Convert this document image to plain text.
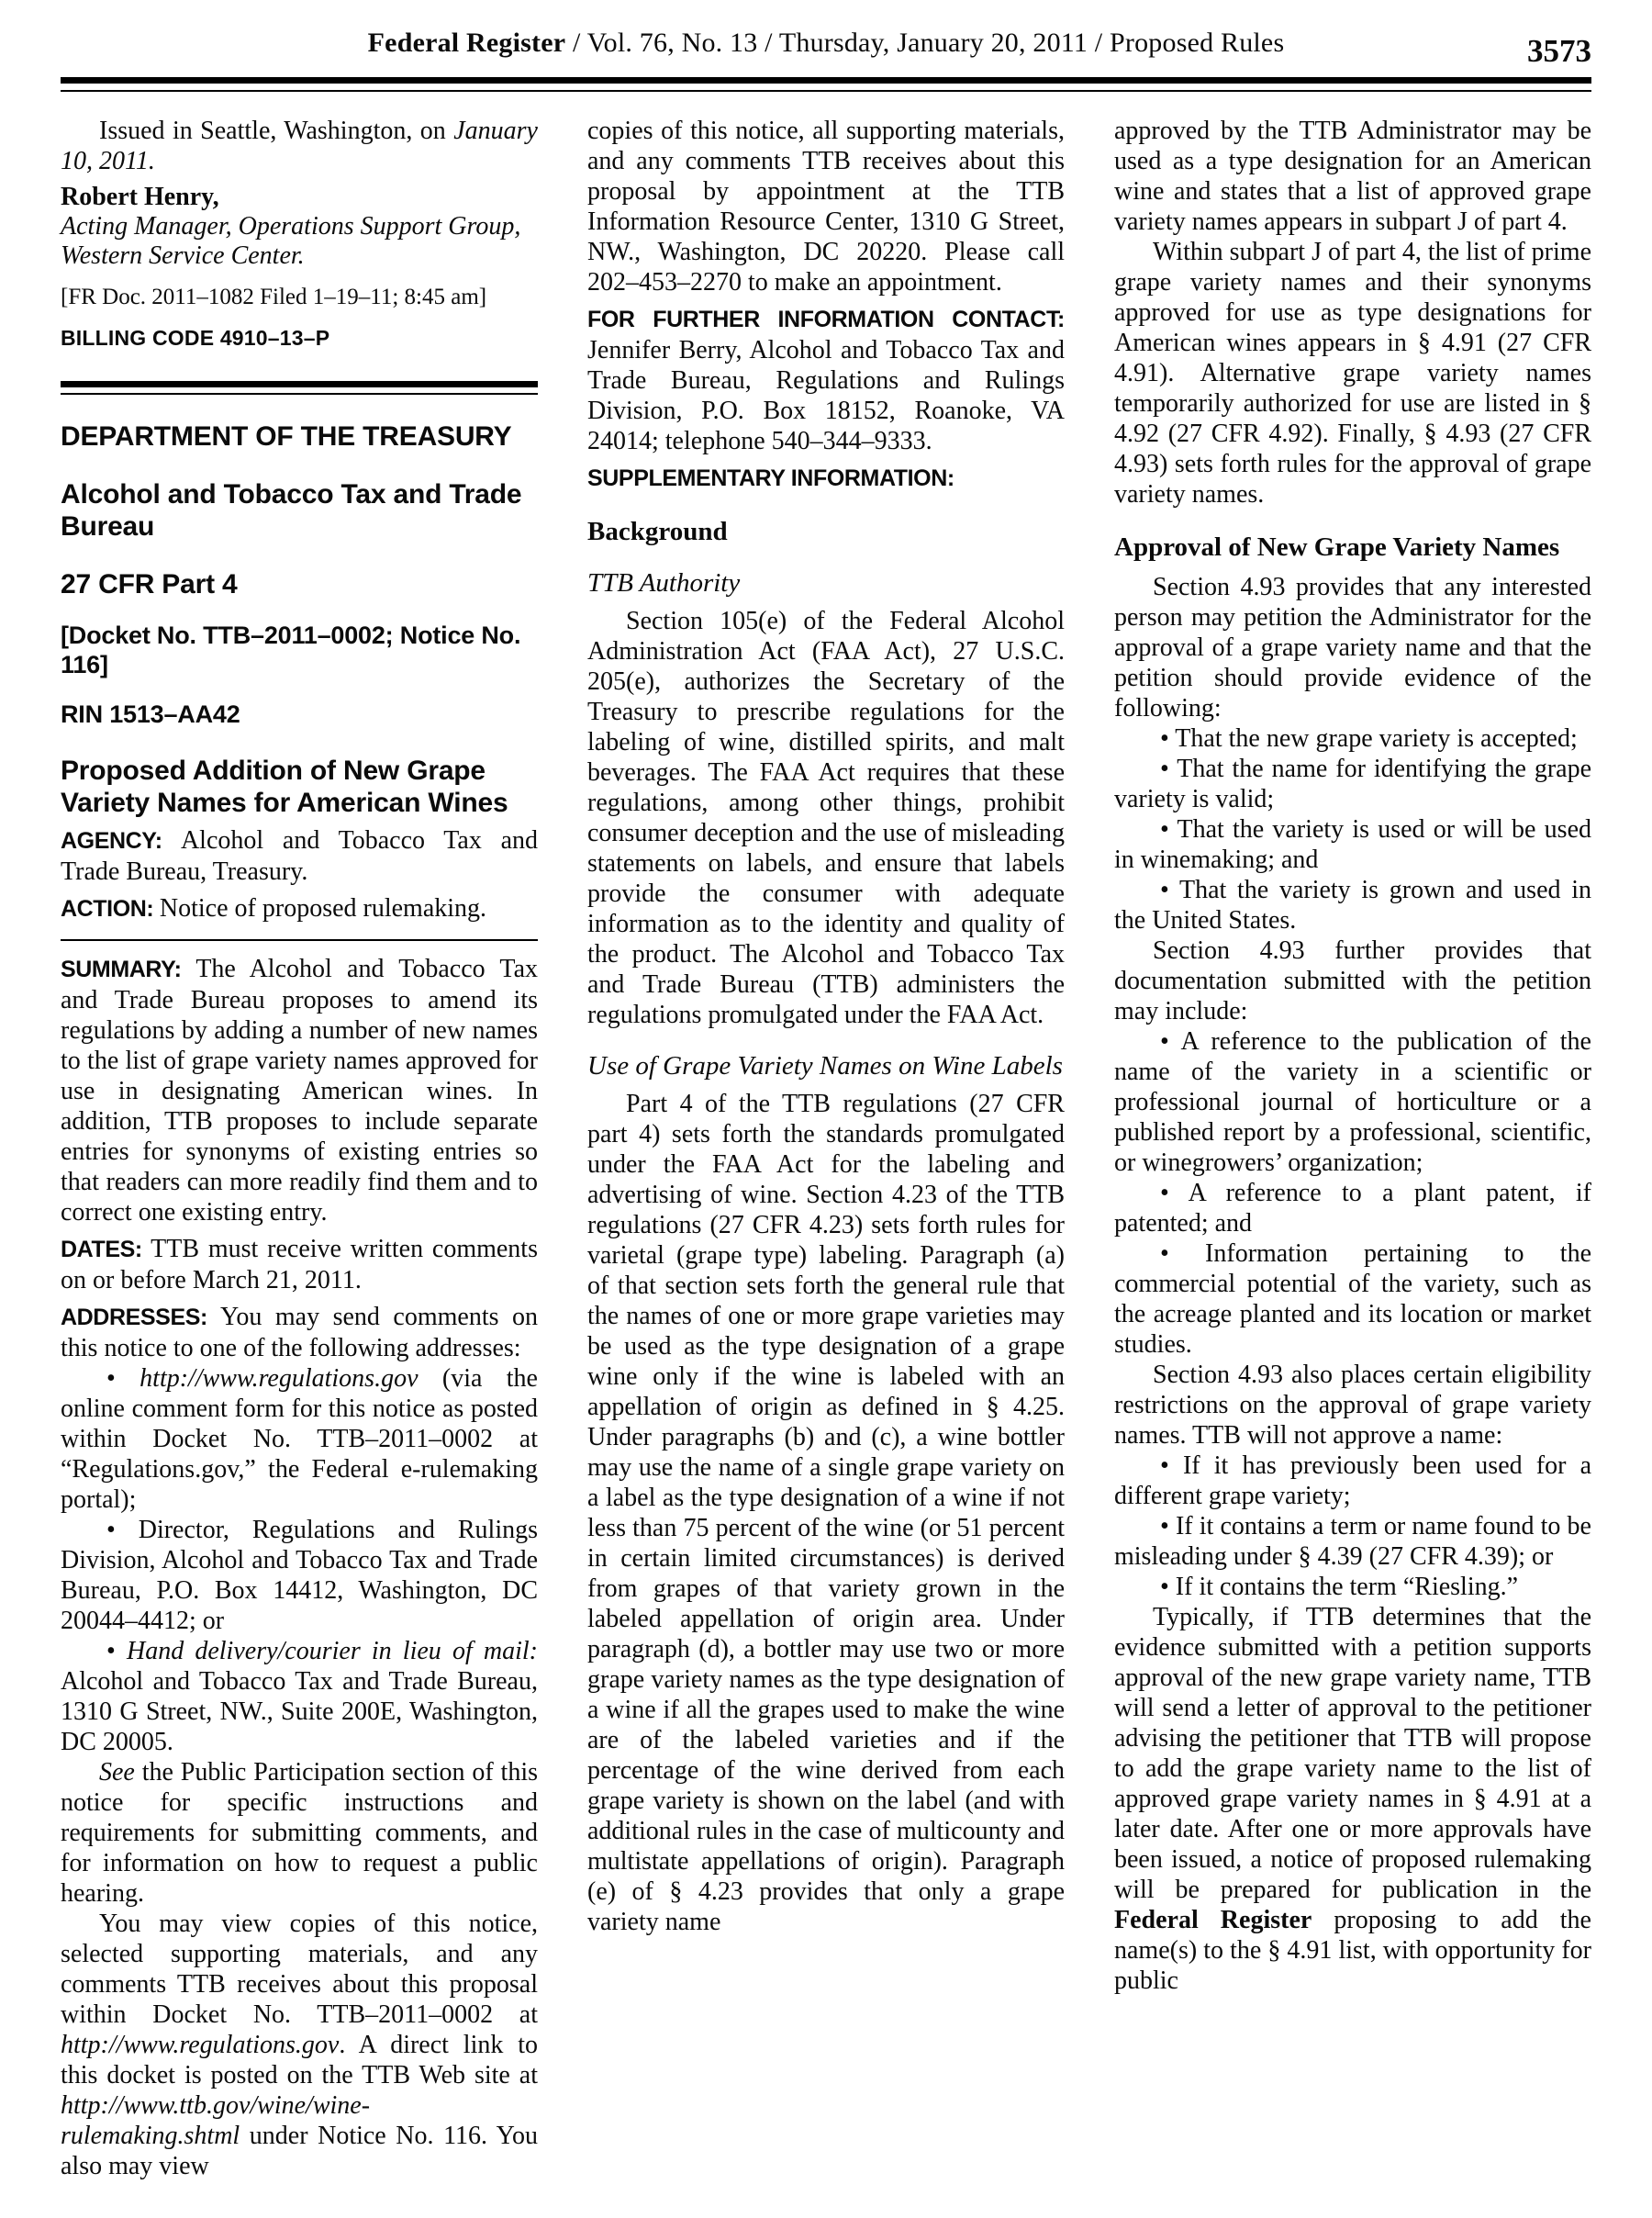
Federal Register / Vol. 76, No. 13 / Thursday, January 20, 2011 / Proposed Rules	3573

Issued in Seattle, Washington, on January 10, 2011.

Robert Henry,

Acting Manager, Operations Support Group, Western Service Center.

[FR Doc. 2011–1082 Filed 1–19–11; 8:45 am]

BILLING CODE 4910–13–P

DEPARTMENT OF THE TREASURY
Alcohol and Tobacco Tax and Trade Bureau
27 CFR Part 4
[Docket No. TTB–2011–0002; Notice No. 116]
RIN 1513–AA42
Proposed Addition of New Grape Variety Names for American Wines

AGENCY: Alcohol and Tobacco Tax and Trade Bureau, Treasury.

ACTION: Notice of proposed rulemaking.

SUMMARY: The Alcohol and Tobacco Tax and Trade Bureau proposes to amend its regulations by adding a number of new names to the list of grape variety names approved for use in designating American wines. In addition, TTB proposes to include separate entries for synonyms of existing entries so that readers can more readily find them and to correct one existing entry.

DATES: TTB must receive written comments on or before March 21, 2011.

ADDRESSES: You may send comments on this notice to one of the following addresses:

• http://www.regulations.gov (via the online comment form for this notice as posted within Docket No. TTB–2011–0002 at “Regulations.gov,” the Federal e-rulemaking portal);

• Director, Regulations and Rulings Division, Alcohol and Tobacco Tax and Trade Bureau, P.O. Box 14412, Washington, DC 20044–4412; or

• Hand delivery/courier in lieu of mail: Alcohol and Tobacco Tax and Trade Bureau, 1310 G Street, NW., Suite 200E, Washington, DC 20005.

See the Public Participation section of this notice for specific instructions and requirements for submitting comments, and for information on how to request a public hearing.

You may view copies of this notice, selected supporting materials, and any comments TTB receives about this proposal within Docket No. TTB–2011–0002 at http://www.regulations.gov. A direct link to this docket is posted on the TTB Web site at http://www.ttb.gov/wine/wine-rulemaking.shtml under Notice No. 116. You also may view

copies of this notice, all supporting materials, and any comments TTB receives about this proposal by appointment at the TTB Information Resource Center, 1310 G Street, NW., Washington, DC 20220. Please call 202–453–2270 to make an appointment.

FOR FURTHER INFORMATION CONTACT: Jennifer Berry, Alcohol and Tobacco Tax and Trade Bureau, Regulations and Rulings Division, P.O. Box 18152, Roanoke, VA 24014; telephone 540–344–9333.

SUPPLEMENTARY INFORMATION:

Background
TTB Authority

Section 105(e) of the Federal Alcohol Administration Act (FAA Act), 27 U.S.C. 205(e), authorizes the Secretary of the Treasury to prescribe regulations for the labeling of wine, distilled spirits, and malt beverages. The FAA Act requires that these regulations, among other things, prohibit consumer deception and the use of misleading statements on labels, and ensure that labels provide the consumer with adequate information as to the identity and quality of the product. The Alcohol and Tobacco Tax and Trade Bureau (TTB) administers the regulations promulgated under the FAA Act.

Use of Grape Variety Names on Wine Labels

Part 4 of the TTB regulations (27 CFR part 4) sets forth the standards promulgated under the FAA Act for the labeling and advertising of wine. Section 4.23 of the TTB regulations (27 CFR 4.23) sets forth rules for varietal (grape type) labeling. Paragraph (a) of that section sets forth the general rule that the names of one or more grape varieties may be used as the type designation of a grape wine only if the wine is labeled with an appellation of origin as defined in § 4.25. Under paragraphs (b) and (c), a wine bottler may use the name of a single grape variety on a label as the type designation of a wine if not less than 75 percent of the wine (or 51 percent in certain limited circumstances) is derived from grapes of that variety grown in the labeled appellation of origin area. Under paragraph (d), a bottler may use two or more grape variety names as the type designation of a wine if all the grapes used to make the wine are of the labeled varieties and if the percentage of the wine derived from each grape variety is shown on the label (and with additional rules in the case of multicounty and multistate appellations of origin). Paragraph (e) of § 4.23 provides that only a grape variety name

approved by the TTB Administrator may be used as a type designation for an American wine and states that a list of approved grape variety names appears in subpart J of part 4.

Within subpart J of part 4, the list of prime grape variety names and their synonyms approved for use as type designations for American wines appears in § 4.91 (27 CFR 4.91). Alternative grape variety names temporarily authorized for use are listed in § 4.92 (27 CFR 4.92). Finally, § 4.93 (27 CFR 4.93) sets forth rules for the approval of grape variety names.

Approval of New Grape Variety Names

Section 4.93 provides that any interested person may petition the Administrator for the approval of a grape variety name and that the petition should provide evidence of the following:

• That the new grape variety is accepted;

• That the name for identifying the grape variety is valid;

• That the variety is used or will be used in winemaking; and

• That the variety is grown and used in the United States.

Section 4.93 further provides that documentation submitted with the petition may include:

• A reference to the publication of the name of the variety in a scientific or professional journal of horticulture or a published report by a professional, scientific, or winegrowers’ organization;

• A reference to a plant patent, if patented; and

• Information pertaining to the commercial potential of the variety, such as the acreage planted and its location or market studies.

Section 4.93 also places certain eligibility restrictions on the approval of grape variety names. TTB will not approve a name:

• If it has previously been used for a different grape variety;

• If it contains a term or name found to be misleading under § 4.39 (27 CFR 4.39); or

• If it contains the term “Riesling.”

Typically, if TTB determines that the evidence submitted with a petition supports approval of the new grape variety name, TTB will send a letter of approval to the petitioner advising the petitioner that TTB will propose to add the grape variety name to the list of approved grape variety names in § 4.91 at a later date. After one or more approvals have been issued, a notice of proposed rulemaking will be prepared for publication in the Federal Register proposing to add the name(s) to the § 4.91 list, with opportunity for public
